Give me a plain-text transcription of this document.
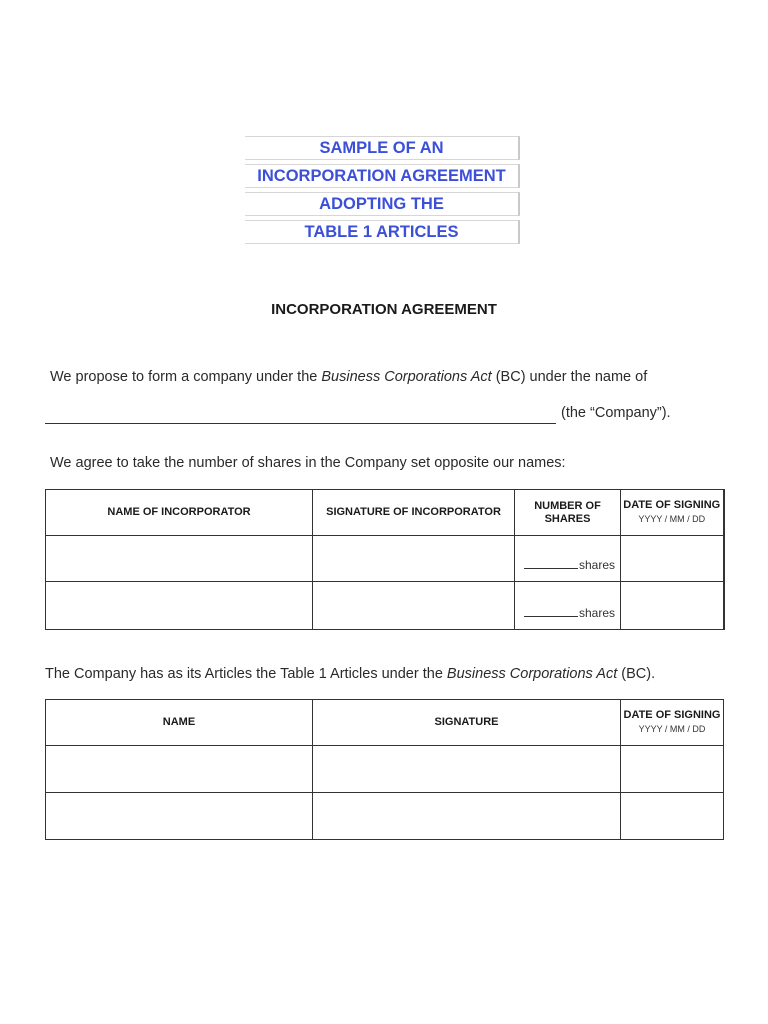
SAMPLE OF AN
INCORPORATION AGREEMENT
ADOPTING THE
TABLE 1 ARTICLES
INCORPORATION AGREEMENT
We propose to form a company under the Business Corporations Act (BC) under the name of
(the “Company”).
We agree to take the number of shares in the Company set opposite our names:
NAME OF INCORPORATOR	SIGNATURE OF INCORPORATOR	NUMBER OF SHARES	DATE OF SIGNING
YYYY / MM / DD

		shares	

		shares	

The Company has as its Articles the Table 1 Articles under the Business Corporations Act (BC).
NAME	SIGNATURE	DATE OF SIGNING
YYYY / MM / DD
